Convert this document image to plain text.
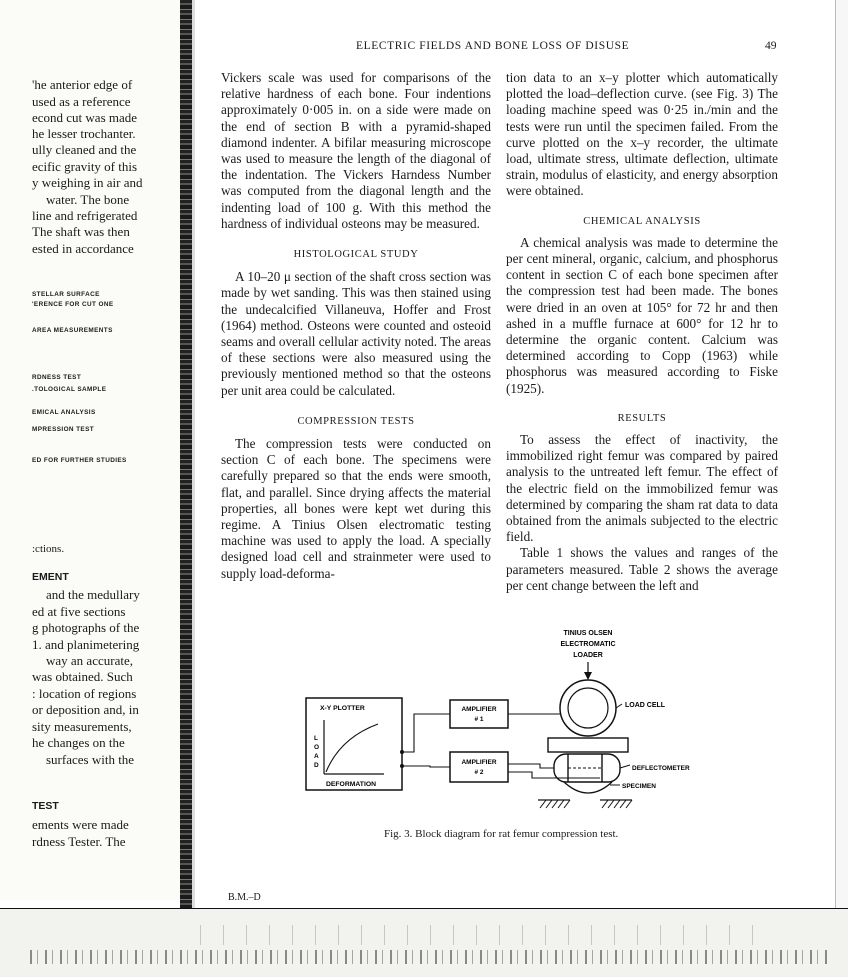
'he anterior edge of
used as a reference
econd cut was made
he lesser trochanter.
ully cleaned and the
ecific gravity of this
y weighing in air and
water. The bone
line and refrigerated
The shaft was then
ested in accordance
STELLAR SURFACE
'ERENCE FOR CUT ONE
AREA MEASUREMENTS
RDNESS TEST
.TOLOGICAL SAMPLE
EMICAL ANALYSIS
MPRESSION TEST
ED FOR FURTHER STUDIES
:ctions.
EMENT
and the medullary
ed at five sections
g photographs of the
1. and planimetering
way an accurate,
was obtained. Such
: location of regions
or deposition and, in
sity measurements,
he changes on the
surfaces with the
TEST
ements were made
rdness Tester. The
ELECTRIC FIELDS AND BONE LOSS OF DISUSE	49

Vickers scale was used for comparisons of the relative hardness of each bone. Four indentions approximately 0·005 in. on a side were made on the end of section B with a pyramid-shaped diamond indenter. A bifilar measuring microscope was used to measure the length of the diagonal of the indentation. The Vickers Harndess Number was computed from the diagonal length and the indenting load of 100 g. With this method the hardness of individual osteons may be measured.

HISTOLOGICAL STUDY

A 10–20 μ section of the shaft cross section was made by wet sanding. This was then stained using the undecalcified Villaneuva, Hoffer and Frost (1964) method. Osteons were counted and osteoid seams and overall cellular activity noted. The areas of these sections were also measured using the previously mentioned method so that the osteons per unit area could be calculated.

COMPRESSION TESTS

The compression tests were conducted on section C of each bone. The specimens were carefully prepared so that the ends were smooth, flat, and parallel. Since drying affects the material properties, all bones were kept wet during this regime. A Tinius Olsen electromatic testing machine was used to apply the load. A specially designed load cell and strainmeter were used to supply load-deforma-

tion data to an x–y plotter which automatically plotted the load–deflection curve. (see Fig. 3) The loading machine speed was 0·25 in./min and the tests were run until the specimen failed. From the curve plotted on the x–y recorder, the ultimate load, ultimate stress, ultimate deflection, ultimate strain, modulus of elasticity, and energy absorption were obtained.

CHEMICAL ANALYSIS

A chemical analysis was made to determine the per cent mineral, organic, calcium, and phosphorus content in section C of each bone specimen after the compression test had been made. The bones were dried in an oven at 105° for 72 hr and then ashed in a muffle furnace at 600° for 12 hr to determine the organic content. Calcium was determined according to Copp (1963) while phosphorus was measured according to Fiske (1925).

RESULTS

To assess the effect of inactivity, the immobilized right femur was compared by paired analysis to the untreated left femur. The effect of the electric field on the immobilized femur was determined by comparing the sham rat data to data obtained from the animals subjected to the electric field.

Table 1 shows the values and ranges of the parameters measured. Table 2 shows the average per cent change between the left and

TINIUS OLSEN
ELECTROMATIC
LOADER
LOAD CELL
DEFLECTOMETER
SPECIMEN
X-Y PLOTTER
L
O
A
D
DEFORMATION
AMPLIFIER
# 1
AMPLIFIER
# 2
Fig. 3. Block diagram for rat femur compression test.
B.M.–D
